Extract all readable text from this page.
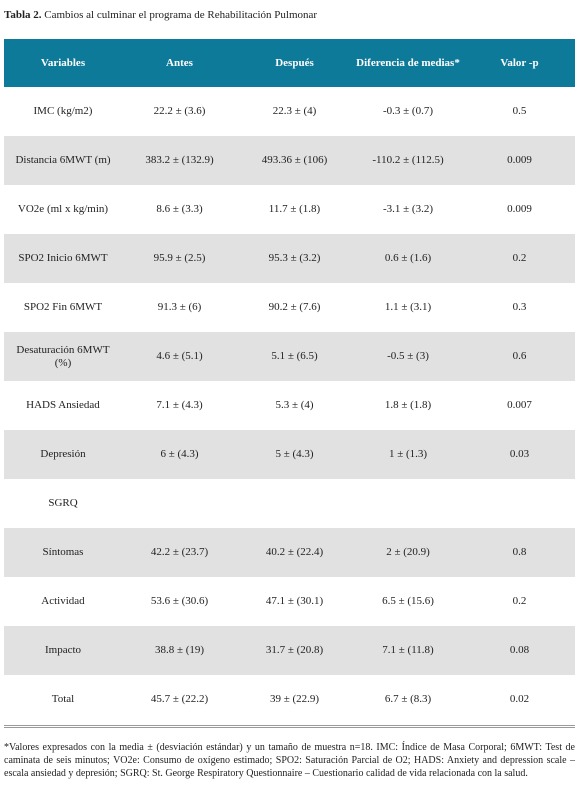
Tabla 2. Cambios al culminar el programa de Rehabilitación Pulmonar
Variables	Antes	Después	Diferencia de medias*	Valor -p
IMC (kg/m2)	22.2 ± (3.6)	22.3 ± (4)	-0.3 ± (0.7)	0.5
Distancia 6MWT (m)	383.2 ± (132.9)	493.36 ± (106)	-110.2 ± (112.5)	0.009
VO2e (ml x kg/min)	8.6 ± (3.3)	11.7 ± (1.8)	-3.1 ± (3.2)	0.009
SPO2 Inicio 6MWT	95.9 ± (2.5)	95.3 ± (3.2)	0.6 ± (1.6)	0.2
SPO2 Fin 6MWT	91.3 ± (6)	90.2 ± (7.6)	1.1 ± (3.1)	0.3
Desaturación 6MWT (%)	4.6 ± (5.1)	5.1 ± (6.5)	-0.5 ± (3)	0.6
HADS Ansiedad	7.1 ± (4.3)	5.3 ± (4)	1.8 ± (1.8)	0.007
Depresión	6 ± (4.3)	5 ± (4.3)	1 ± (1.3)	0.03
SGRQ				
Síntomas	42.2 ± (23.7)	40.2 ± (22.4)	2 ± (20.9)	0.8
Actividad	53.6 ± (30.6)	47.1 ± (30.1)	6.5 ± (15.6)	0.2
Impacto	38.8 ± (19)	31.7 ± (20.8)	7.1 ± (11.8)	0.08
Total	45.7 ± (22.2)	39 ± (22.9)	6.7 ± (8.3)	0.02
*Valores expresados con la media ± (desviación estándar) y un tamaño de muestra n=18. IMC: Índice de Masa Corporal; 6MWT: Test de caminata de seis minutos; VO2e: Consumo de oxígeno estimado; SPO2: Saturación Parcial de O2; HADS: Anxiety and depression scale – escala ansiedad y depresión; SGRQ: St. George Respiratory Questionnaire – Cuestionario calidad de vida relacionada con la salud.
